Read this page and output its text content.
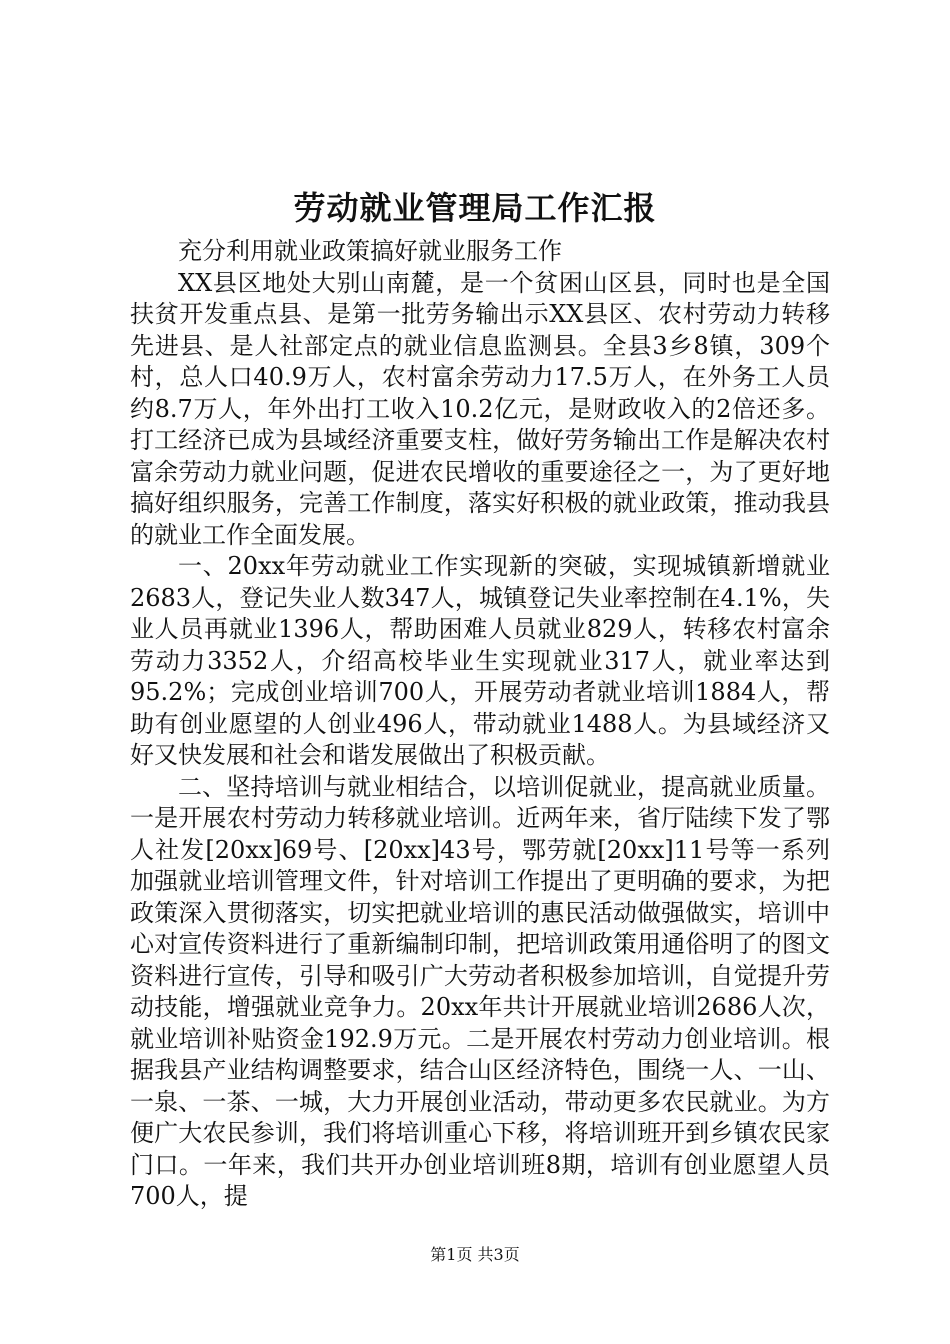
劳动就业管理局工作汇报

充分利用就业政策搞好就业服务工作

XX县区地处大别山南麓，是一个贫困山区县，同时也是全国扶贫开发重点县、是第一批劳务输出示XX县区、农村劳动力转移先进县、是人社部定点的就业信息监测县。全县3乡8镇，309个村，总人口40.9万人，农村富余劳动力17.5万人，在外务工人员约8.7万人，年外出打工收入10.2亿元，是财政收入的2倍还多。打工经济已成为县域经济重要支柱，做好劳务输出工作是解决农村富余劳动力就业问题，促进农民增收的重要途径之一，为了更好地搞好组织服务，完善工作制度，落实好积极的就业政策，推动我县的就业工作全面发展。

一、20xx年劳动就业工作实现新的突破，实现城镇新增就业2683人，登记失业人数347人，城镇登记失业率控制在4.1%，失业人员再就业1396人，帮助困难人员就业829人，转移农村富余劳动力3352人，介绍高校毕业生实现就业317人，就业率达到95.2%；完成创业培训700人，开展劳动者就业培训1884人，帮助有创业愿望的人创业496人，带动就业1488人。为县域经济又好又快发展和社会和谐发展做出了积极贡献。

二、坚持培训与就业相结合，以培训促就业，提高就业质量。一是开展农村劳动力转移就业培训。近两年来，省厅陆续下发了鄂人社发[20xx]69号、[20xx]43号，鄂劳就[20xx]11号等一系列加强就业培训管理文件，针对培训工作提出了更明确的要求，为把政策深入贯彻落实，切实把就业培训的惠民活动做强做实，培训中心对宣传资料进行了重新编制印制，把培训政策用通俗明了的图文资料进行宣传，引导和吸引广大劳动者积极参加培训，自觉提升劳动技能，增强就业竞争力。20xx年共计开展就业培训2686人次，就业培训补贴资金192.9万元。二是开展农村劳动力创业培训。根据我县产业结构调整要求，结合山区经济特色，围绕一人、一山、一泉、一茶、一城，大力开展创业活动，带动更多农民就业。为方便广大农民参训，我们将培训重心下移，将培训班开到乡镇农民家门口。一年来，我们共开办创业培训班8期，培训有创业愿望人员700人，提

第1页 共3页
